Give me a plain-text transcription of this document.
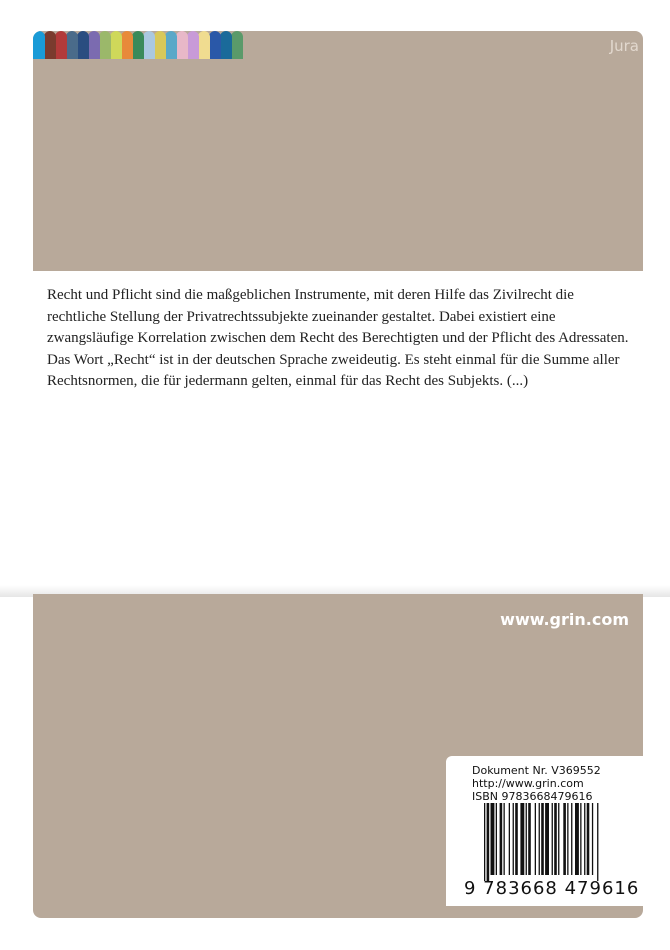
Jura

Recht und Pflicht sind die maßgeblichen Instrumente, mit deren Hilfe das Zivilrecht die rechtliche Stellung der Privatrechtssubjekte zueinander gestaltet. Dabei existiert eine zwangsläufige Korrelation zwischen dem Recht des Berechtigten und der Pflicht des Adressaten. Das Wort „Recht“ ist in der deutschen Sprache zweideutig. Es steht einmal für die Summe aller Rechtsnormen, die für jedermann gelten, einmal für das Recht des Subjekts. (...)

www.grin.com
Dokument Nr. V369552
http://www.grin.com
ISBN 9783668479616
9 783668 479616
